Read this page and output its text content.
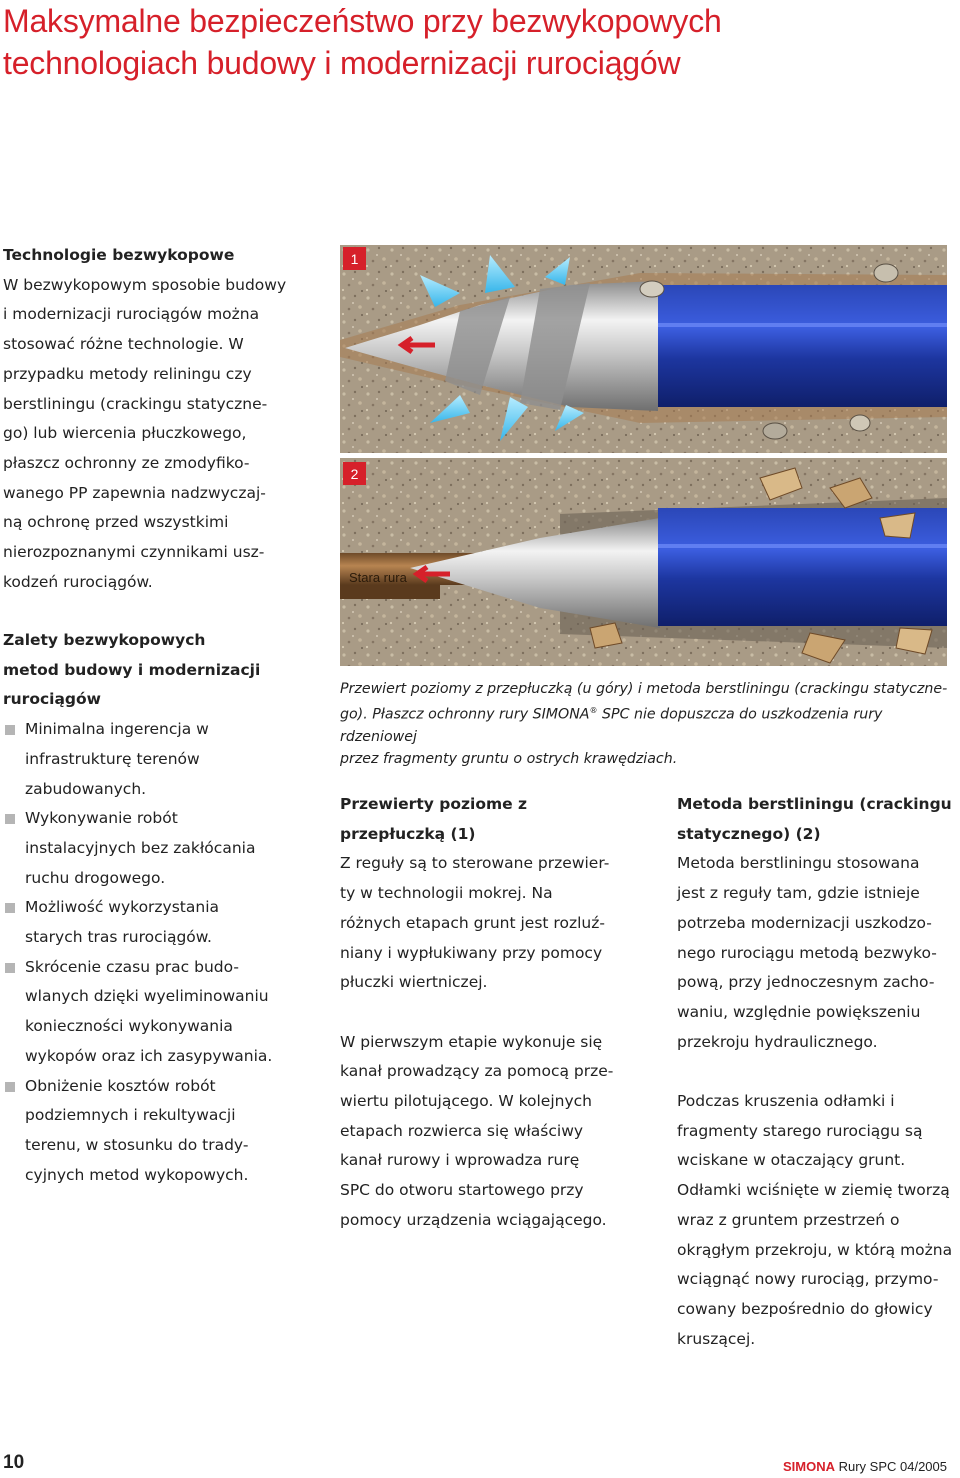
Maksymalne bezpieczeństwo przy bezwykopowych
technologiach budowy i modernizacji rurociągów
Technologie bezwykopowe
W bezwykopowym sposobie budowy
i modernizacji rurociągów można
stosować różne technologie. W
przypadku metody reliningu czy
berstliningu (crackingu statyczne-
go) lub wiercenia płuczkowego,
płaszcz ochronny ze zmodyfiko-
wanego PP zapewnia nadzwyczaj-
ną ochronę przed wszystkimi
nierozpoznanymi czynnikami usz-
kodzeń rurociągów.
Zalety bezwykopowych
metod budowy i modernizacji
rurociągów
Minimalna ingerencja w
infrastrukturę terenów
zabudowanych.
Wykonywanie robót
instalacyjnych bez zakłócania
ruchu drogowego.
Możliwość wykorzystania
starych tras rurociągów.
Skrócenie czasu prac budo-
wlanych dzięki wyeliminowaniu
konieczności wykonywania
wykopów oraz ich zasypywania.
Obniżenie kosztów robót
podziemnych i rekultywacji
terenu, w stosunku do trady-
cyjnych metod wykopowych.
1
2
Stara rura
Przewiert poziomy z przepłuczką (u góry) i metoda berstliningu (crackingu statyczne-
go). Płaszcz ochronny rury SIMONA® SPC nie dopuszcza do uszkodzenia rury rdzeniowej
przez fragmenty gruntu o ostrych krawędziach.
Przewierty poziome z
przepłuczką (1)

Z reguły są to sterowane przewier-
ty w technologii mokrej. Na
różnych etapach grunt jest rozluź-
niany i wypłukiwany przy pomocy
płuczki wiertniczej.

W pierwszym etapie wykonuje się
kanał prowadzący za pomocą prze-
wiertu pilotującego. W kolejnych
etapach rozwierca się właściwy
kanał rurowy i wprowadza rurę
SPC do otworu startowego przy
pomocy urządzenia wciągającego.

Metoda berstliningu (crackingu
statycznego) (2)

Metoda berstliningu stosowana
jest z reguły tam, gdzie istnieje
potrzeba modernizacji uszkodzo-
nego rurociągu metodą bezwyko-
pową, przy jednoczesnym zacho-
waniu, względnie powiększeniu
przekroju hydraulicznego.

Podczas kruszenia odłamki i
fragmenty starego rurociągu są
wciskane w otaczający grunt.
Odłamki wciśnięte w ziemię tworzą
wraz z gruntem przestrzeń o
okrągłym przekroju, w którą można
wciągnąć nowy rurociąg, przymo-
cowany bezpośrednio do głowicy
kruszącej.

10	SIMONA Rury SPC 04/2005
